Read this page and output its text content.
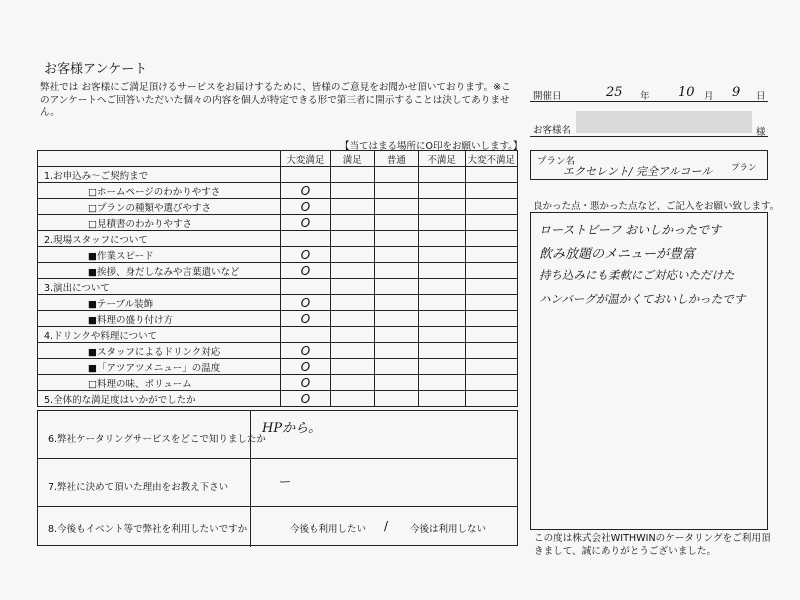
お客様アンケート
弊社では お客様にご満足頂けるサービスをお届けするために、皆様のご意見をお聞かせ頂いております。※このアンケートへご回答いただいた個々の内容を個人が特定できる形で第三者に開示することは決してありません。
【当てはまる場所にO印をお願いします。】
	大変満足	満足	普通	不満足	大変不満足
1.お申込み～ご契約まで					
□ホームページのわかりやすさ	O				
□プランの種類や選びやすさ	O				
□見積書のわかりやすさ	O				
2.現場スタッフについて					
■作業スピード	O				
■挨拶、身だしなみや言葉遣いなど	O				
3.演出について					
■テーブル装飾	O				
■料理の盛り付け方	O				
4.ドリンクや料理について					
■スタッフによるドリンク対応	O				
■「アツアツメニュー」の温度	O				
□料理の味、ボリューム	O				
5.全体的な満足度はいかがでしたか	O				
6.弊社ケータリングサービスをどこで知りましたか
HPから。
7.弊社に決めて頂いた理由をお教え下さい	ー
8.今後もイベント等で弊社を利用したいですか	今後も利用したい / 今後は利用しない
開催日	25 年 10 月 9 日
お客様名	様
プラン名
エクセレント/ 完全アルコール プラン
良かった点・悪かった点など、ご記入をお願い致します。
ローストビーフ おいしかったです
飲み放題のメニューが豊富
持ち込みにも柔軟にご対応いただけた
ハンバーグが温かくておいしかったです
この度は株式会社WITHWINのケータリングをご利用頂きまして、誠にありがとうございました。
